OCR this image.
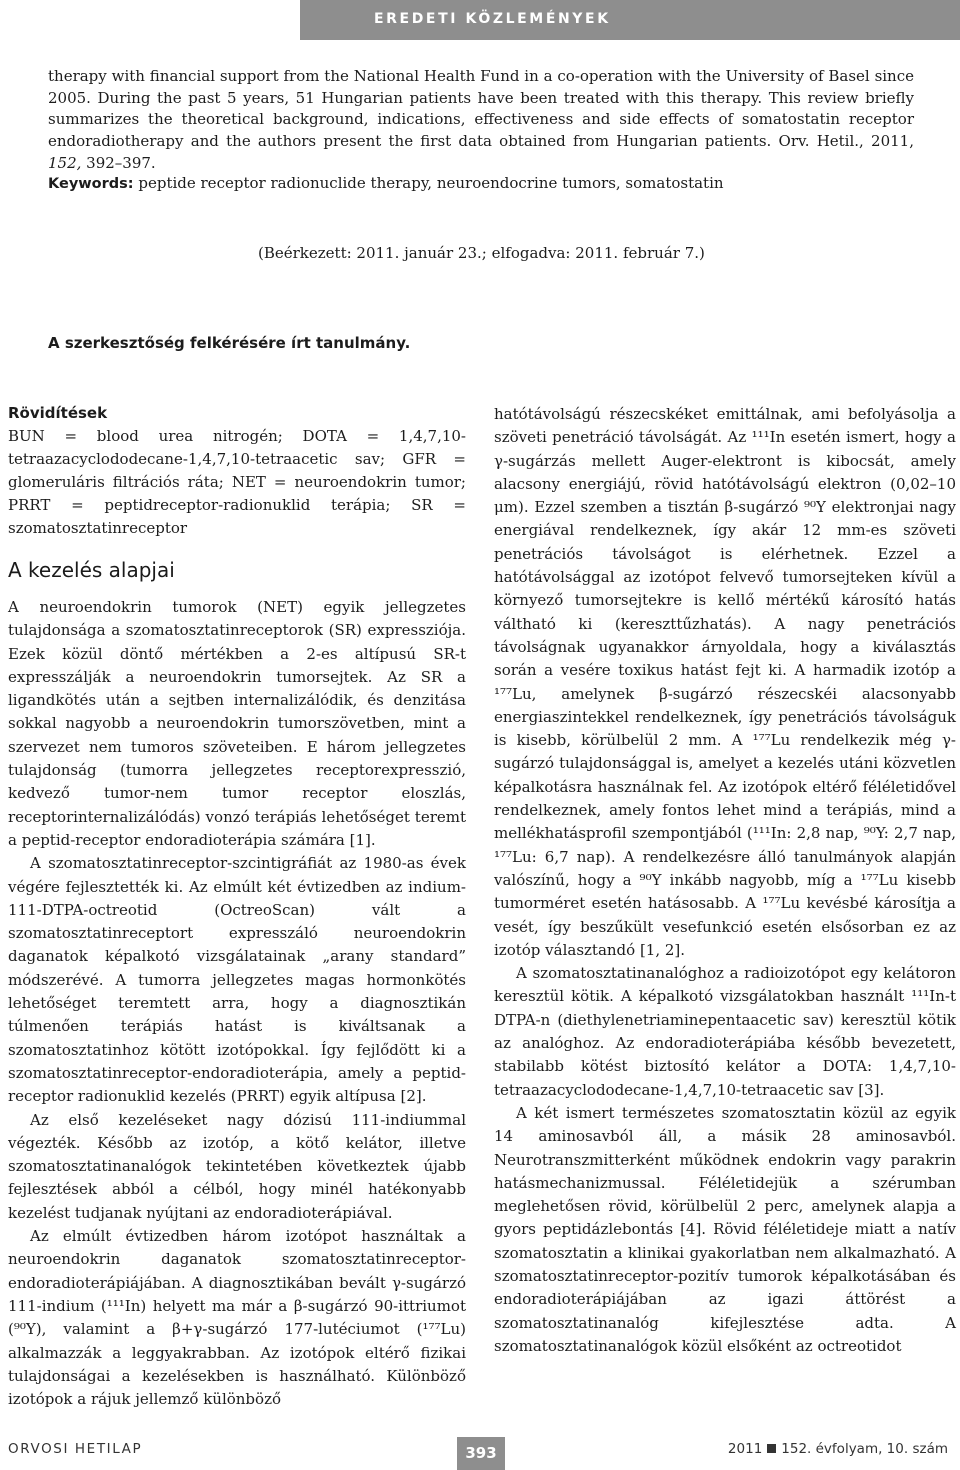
EREDETI KÖZLEMÉNYEK

therapy with financial support from the National Health Fund in a co-operation with the University of Basel since 2005. During the past 5 years, 51 Hungarian patients have been treated with this therapy. This review briefly summarizes the theoretical background, indications, effectiveness and side effects of somatostatin receptor endoradiotherapy and the authors present the first data obtained from Hungarian patients. Orv. Hetil., 2011, 152, 392–397.

Keywords: peptide receptor radionuclide therapy, neuroendocrine tumors, somatostatin

(Beérkezett: 2011. január 23.; elfogadva: 2011. február 7.)

A szerkesztőség felkérésére írt tanulmány.

Rövidítések

BUN = blood urea nitrogén; DOTA = 1,4,7,10-tetraazacyclododecane-1,4,7,10-tetraacetic sav; GFR = glomeruláris filtrációs ráta; NET = neuroendokrin tumor; PRRT = peptidreceptor-radionuklid terápia; SR = szomatosztatinreceptor

A kezelés alapjai

A neuroendokrin tumorok (NET) egyik jellegzetes tulajdonsága a szomatosztatinreceptorok (SR) expressziója. Ezek közül döntő mértékben a 2-es altípusú SR-t expresszálják a neuroendokrin tumorsejtek. Az SR a ligandkötés után a sejtben internalizálódik, és denzitása sokkal nagyobb a neuroendokrin tumorszövetben, mint a szervezet nem tumoros szöveteiben. E három jellegzetes tulajdonság (tumorra jellegzetes receptorexpresszió, kedvező tumor-nem tumor receptor eloszlás, receptorinternalizálódás) vonzó terápiás lehetőséget teremt a peptid-receptor endoradioterápia számára [1].

A szomatosztatinreceptor-szcintigráfiát az 1980-as évek végére fejlesztették ki. Az elmúlt két évtizedben az indium-111-DTPA-octreotid (OctreoScan) vált a szomatosztatinreceptort expresszáló neuroendokrin daganatok képalkotó vizsgálatainak „arany standard” módszerévé. A tumorra jellegzetes magas hormonkötés lehetőséget teremtett arra, hogy a diagnosztikán túlmenően terápiás hatást is kiváltsanak a szomatosztatinhoz kötött izotópokkal. Így fejlődött ki a szomatosztatinreceptor-endoradioterápia, amely a peptid-receptor radionuklid kezelés (PRRT) egyik altípusa [2].

Az első kezeléseket nagy dózisú 111-indiummal végezték. Később az izotóp, a kötő kelátor, illetve szomatosztatinanalógok tekintetében következtek újabb fejlesztések abból a célból, hogy minél hatékonyabb kezelést tudjanak nyújtani az endoradioterápiával.

Az elmúlt évtizedben három izotópot használtak a neuroendokrin daganatok szomatosztatinreceptor-endoradioterápiájában. A diagnosztikában bevált γ-sugárzó 111-indium (¹¹¹In) helyett ma már a β-sugárzó 90-ittriumot (⁹⁰Y), valamint a β+γ-sugárzó 177-lutéciumot (¹⁷⁷Lu) alkalmazzák a leggyakrabban. Az izotópok eltérő fizikai tulajdonságai a kezelésekben is használható. Különböző izotópok a rájuk jellemző különböző

hatótávolságú részecskéket emittálnak, ami befolyásolja a szöveti penetráció távolságát. Az ¹¹¹In esetén ismert, hogy a γ-sugárzás mellett Auger-elektront is kibocsát, amely alacsony energiájú, rövid hatótávolságú elektron (0,02–10 μm). Ezzel szemben a tisztán β-sugárzó ⁹⁰Y elektronjai nagy energiával rendelkeznek, így akár 12 mm-es szöveti penetrációs távolságot is elérhetnek. Ezzel a hatótávolsággal az izotópot felvevő tumorsejteken kívül a környező tumorsejtekre is kellő mértékű károsító hatás váltható ki (kereszttűzhatás). A nagy penetrációs távolságnak ugyanakkor árnyoldala, hogy a kiválasztás során a vesére toxikus hatást fejt ki. A harmadik izotóp a ¹⁷⁷Lu, amelynek β-sugárzó részecskéi alacsonyabb energiaszintekkel rendelkeznek, így penetrációs távolságuk is kisebb, körülbelül 2 mm. A ¹⁷⁷Lu rendelkezik még γ-sugárzó tulajdonsággal is, amelyet a kezelés utáni közvetlen képalkotásra használnak fel. Az izotópok eltérő féléletidővel rendelkeznek, amely fontos lehet mind a terápiás, mind a mellékhatásprofil szempontjából (¹¹¹In: 2,8 nap, ⁹⁰Y: 2,7 nap, ¹⁷⁷Lu: 6,7 nap). A rendelkezésre álló tanulmányok alapján valószínű, hogy a ⁹⁰Y inkább nagyobb, míg a ¹⁷⁷Lu kisebb tumorméret esetén hatásosabb. A ¹⁷⁷Lu kevésbé károsítja a vesét, így beszűkült vesefunkció esetén elsősorban ez az izotóp választandó [1, 2].

A szomatosztatinanalóghoz a radioizotópot egy kelátoron keresztül kötik. A képalkotó vizsgálatokban használt ¹¹¹In-t DTPA-n (diethylenetriaminepentaacetic sav) keresztül kötik az analóghoz. Az endoradioterápiába később bevezetett, stabilabb kötést biztosító kelátor a DOTA: 1,4,7,10-tetraazacyclododecane-1,4,7,10-tetraacetic sav [3].

A két ismert természetes szomatosztatin közül az egyik 14 aminosavból áll, a másik 28 aminosavból. Neurotranszmitterként működnek endokrin vagy parakrin hatásmechanizmussal. Féléletidejük a szérumban meglehetősen rövid, körülbelül 2 perc, amelynek alapja a gyors peptidázlebontás [4]. Rövid féléletideje miatt a natív szomatosztatin a klinikai gyakorlatban nem alkalmazható. A szomatosztatinreceptor-pozitív tumorok képalkotásában és endoradioterápiájában az igazi áttörést a szomatosztatinanalóg kifejlesztése adta. A szomatosztatinanalógok közül elsőként az octreotidot

ORVOSI HETILAP	393	2011 152. évfolyam, 10. szám
